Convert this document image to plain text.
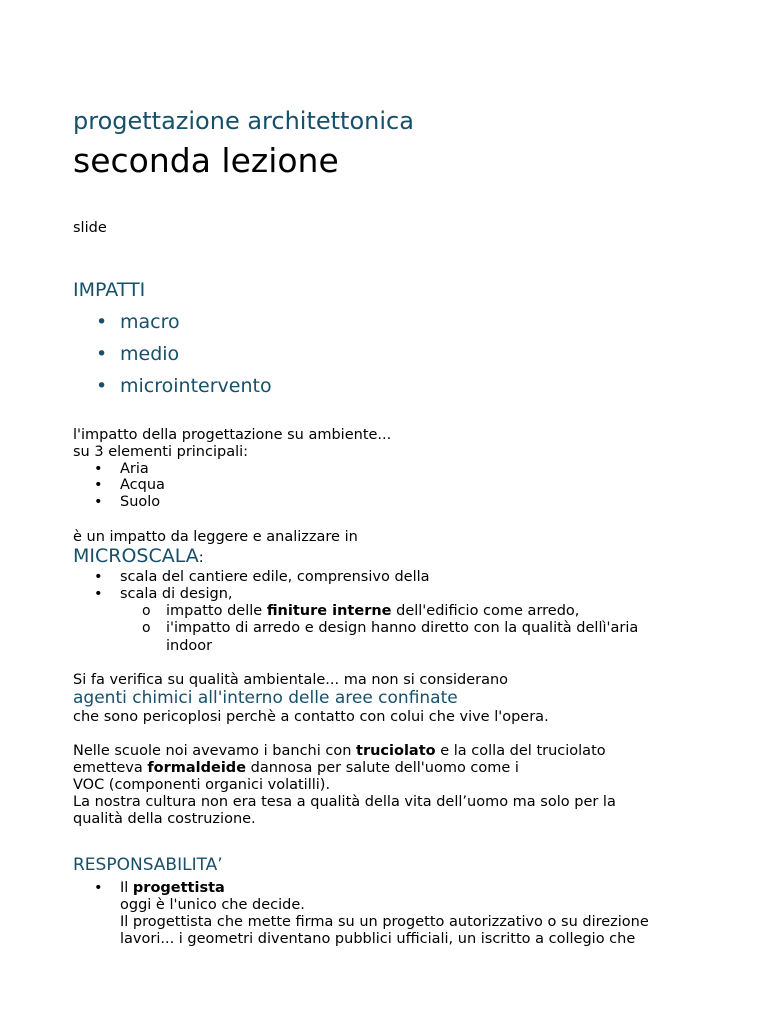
progettazione architettonica
seconda lezione
slide
IMPATTI
• macro
• medio
• microintervento
l'impatto della progettazione su ambiente...
su 3 elementi principali:
• Aria
• Acqua
• Suolo
è un impatto da leggere e analizzare in
MICROSCALA:
• scala del cantiere edile, comprensivo della
• scala di design,
o impatto delle finiture interne dell'edificio come arredo,
o i'impatto di arredo e design hanno diretto con la qualità dellì'aria
indoor
Si fa verifica su qualità ambientale... ma non si considerano
agenti chimici all'interno delle aree confinate
che sono pericoplosi perchè a contatto con colui che vive l'opera.
Nelle scuole noi avevamo i banchi con truciolato e la colla del truciolato
emetteva formaldeide dannosa per salute dell'uomo come i
VOC (componenti organici volatilli).
La nostra cultura non era tesa a qualità della vita dell’uomo ma solo per la
qualità della costruzione.
RESPONSABILITA’
• Il progettista
oggi è l'unico che decide.
Il progettista che mette firma su un progetto autorizzativo o su direzione
lavori... i geometri diventano pubblici ufficiali, un iscritto a collegio che
